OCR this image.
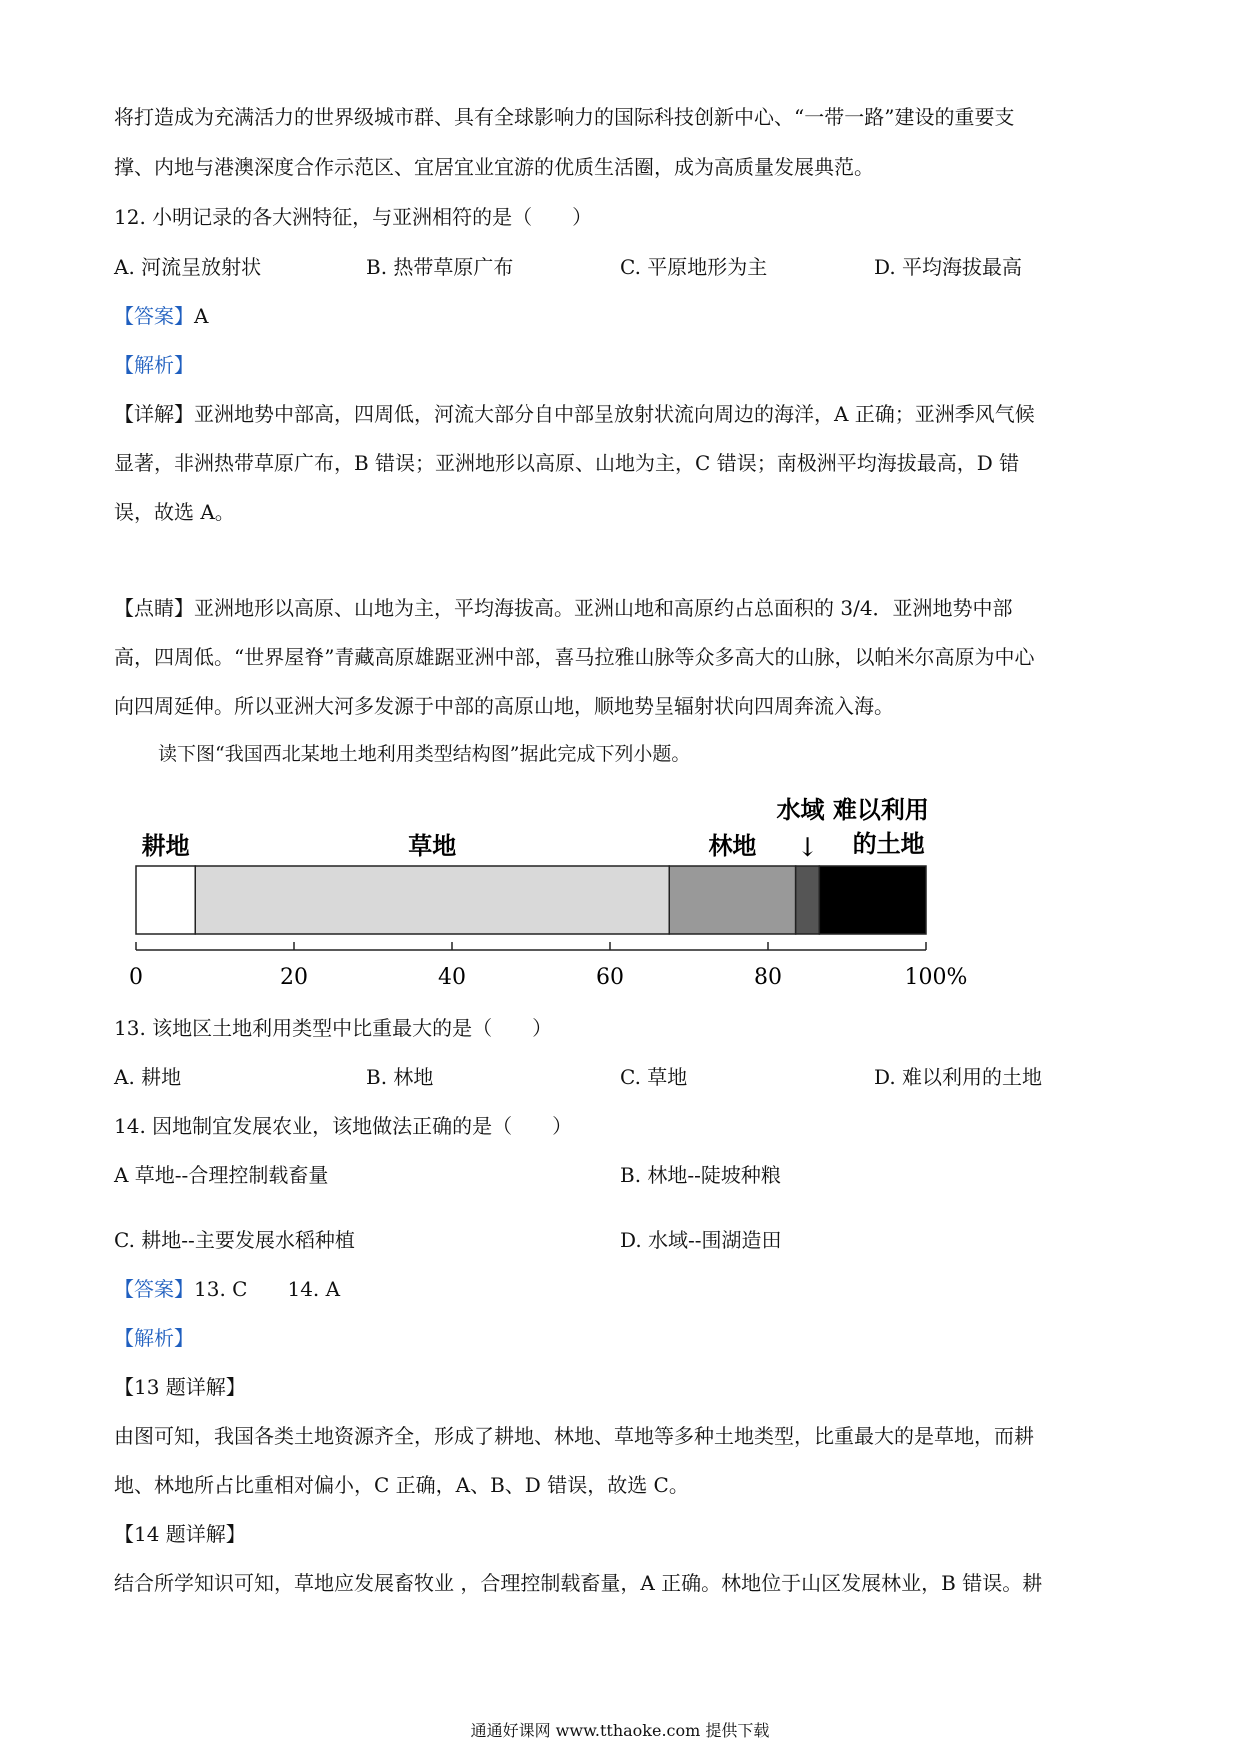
将打造成为充满活力的世界级城市群、具有全球影响力的国际科技创新中心、“一带一路”建设的重要支
撑、内地与港澳深度合作示范区、宜居宜业宜游的优质生活圈，成为高质量发展典范。
12. 小明记录的各大洲特征，与亚洲相符的是（　　）
A. 河流呈放射状	B. 热带草原广布	C. 平原地形为主	D. 平均海拔最高
【答案】A
【解析】
【详解】亚洲地势中部高，四周低，河流大部分自中部呈放射状流向周边的海洋，A 正确；亚洲季风气候
显著，非洲热带草原广布，B 错误；亚洲地形以高原、山地为主，C 错误；南极洲平均海拔最高，D 错
误，故选 A。
【点睛】亚洲地形以高原、山地为主，平均海拔高。亚洲山地和高原约占总面积的 3/4．亚洲地势中部
高，四周低。“世界屋脊”青藏高原雄踞亚洲中部，喜马拉雅山脉等众多高大的山脉，以帕米尔高原为中心
向四周延伸。所以亚洲大河多发源于中部的高原山地，顺地势呈辐射状向四周奔流入海。
读下图“我国西北某地土地利用类型结构图”据此完成下列小题。
0	20	40	60	80	100%
耕地	草地	林地
水域 难以利用
的土地
↓
13. 该地区土地利用类型中比重最大的是（　　）
A. 耕地	B. 林地	C. 草地	D. 难以利用的土地
14. 因地制宜发展农业，该地做法正确的是（　　）
A 草地--合理控制载畜量	B. 林地--陡坡种粮
C. 耕地--主要发展水稻种植	D. 水域--围湖造田
【答案】13. C　　14. A
【解析】
【13 题详解】
由图可知，我国各类土地资源齐全，形成了耕地、林地、草地等多种土地类型，比重最大的是草地，而耕
地、林地所占比重相对偏小，C 正确，A、B、D 错误，故选 C。
【14 题详解】
结合所学知识可知，草地应发展畜牧业 ，合理控制载畜量，A 正确。林地位于山区发展林业，B 错误。耕
通通好课网 www.tthaoke.com 提供下载
